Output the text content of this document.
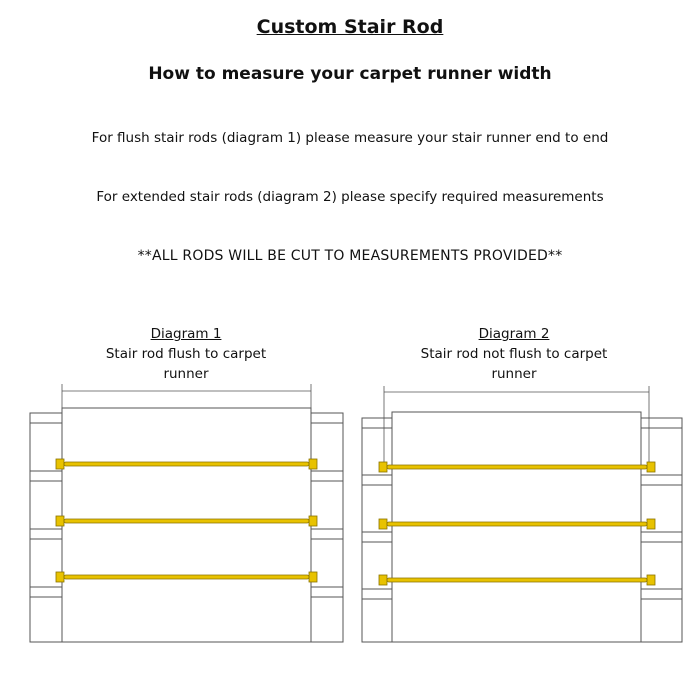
Custom Stair Rod
How to measure your carpet runner width
For flush stair rods (diagram 1) please measure your stair runner end to end
For extended stair rods (diagram 2) please specify required measurements
**ALL RODS WILL BE CUT TO MEASUREMENTS PROVIDED**
Diagram 1
Stair rod flush to carpet runner
Diagram 2
Stair rod not flush to carpet runner
